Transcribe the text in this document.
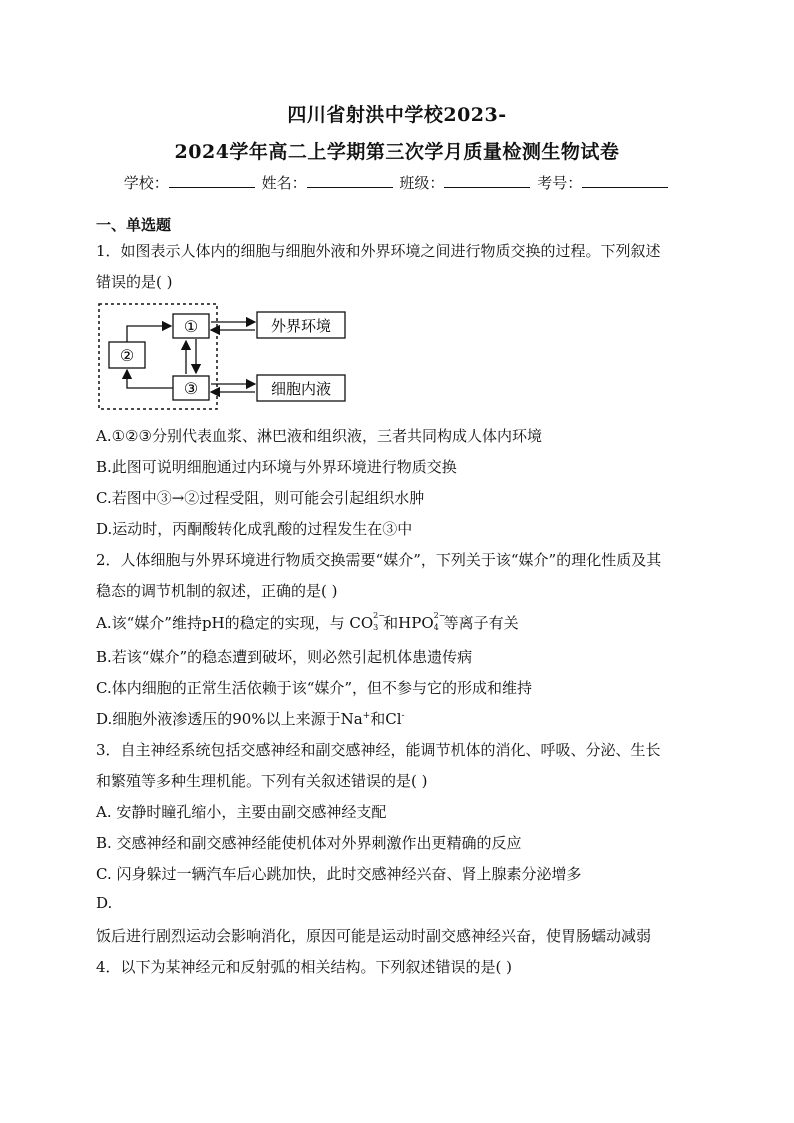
四川省射洪中学校2023-
2024学年高二上学期第三次学月质量检测生物试卷
学校：	姓名：	班级：	考号：
一、单选题
1．如图表示人体内的细胞与细胞外液和外界环境之间进行物质交换的过程。下列叙述
错误的是( )
①
②
③
外界环境
细胞内液
A.①②③分别代表血浆、淋巴液和组织液，三者共同构成人体内环境
B.此图可说明细胞通过内环境与外界环境进行物质交换
C.若图中③→②过程受阻，则可能会引起组织水肿
D.运动时，丙酮酸转化成乳酸的过程发生在③中
2．人体细胞与外界环境进行物质交换需要“媒介”，下列关于该“媒介”的理化性质及其
稳态的调节机制的叙述，正确的是( )
A.该“媒介”维持pH的稳定的实现，与 CO 2−
3 和HPO 2−
4 等离子有关
B.若该“媒介”的稳态遭到破坏，则必然引起机体患遗传病
C.体内细胞的正常生活依赖于该“媒介”，但不参与它的形成和维持
D.细胞外液渗透压的90%以上来源于Na+和Cl-
3．自主神经系统包括交感神经和副交感神经，能调节机体的消化、呼吸、分泌、生长
和繁殖等多种生理机能。下列有关叙述错误的是( )
A. 安静时瞳孔缩小，主要由副交感神经支配
B. 交感神经和副交感神经能使机体对外界刺激作出更精确的反应
C. 闪身躲过一辆汽车后心跳加快，此时交感神经兴奋、肾上腺素分泌增多
D.
饭后进行剧烈运动会影响消化，原因可能是运动时副交感神经兴奋，使胃肠蠕动减弱
4．以下为某神经元和反射弧的相关结构。下列叙述错误的是( )
